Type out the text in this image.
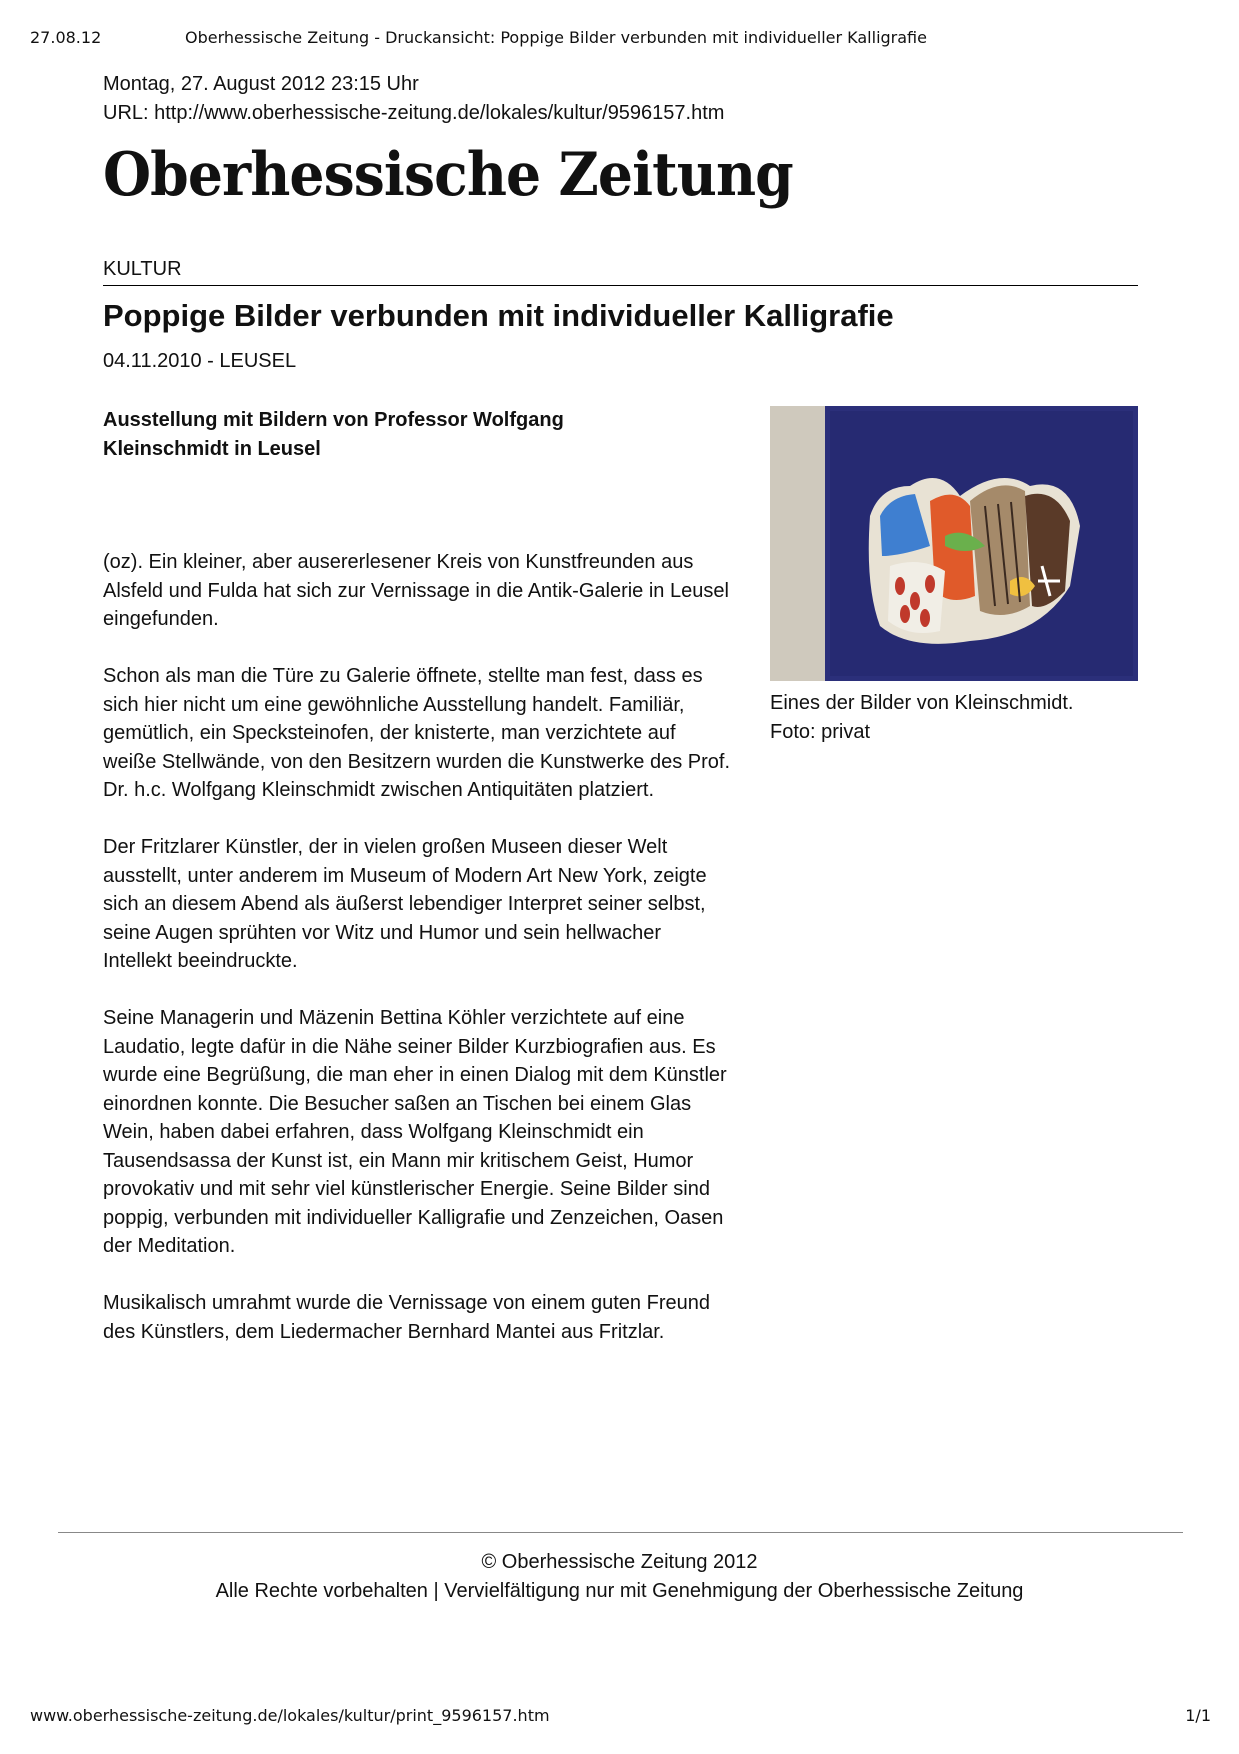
27.08.12	Oberhessische Zeitung - Druckansicht: Poppige Bilder verbunden mit individueller Kalligrafie
Montag, 27. August 2012 23:15 Uhr
URL: http://www.oberhessische-zeitung.de/lokales/kultur/9596157.htm
Oberhessische Zeitung
KULTUR
Poppige Bilder verbunden mit individueller Kalligrafie
04.11.2010 - LEUSEL
Ausstellung mit Bildern von Professor Wolfgang Kleinschmidt in Leusel

(oz). Ein kleiner, aber ausererlesener Kreis von Kunstfreunden aus Alsfeld und Fulda hat sich zur Vernissage in die Antik-Galerie in Leusel eingefunden.

Schon als man die Türe zu Galerie öffnete, stellte man fest, dass es sich hier nicht um eine gewöhnliche Ausstellung handelt. Familiär, gemütlich, ein Specksteinofen, der knisterte, man verzichtete auf weiße Stellwände, von den Besitzern wurden die Kunstwerke des Prof. Dr. h.c. Wolfgang Kleinschmidt zwischen Antiquitäten platziert.

Der Fritzlarer Künstler, der in vielen großen Museen dieser Welt ausstellt, unter anderem im Museum of Modern Art New York, zeigte sich an diesem Abend als äußerst lebendiger Interpret seiner selbst, seine Augen sprühten vor Witz und Humor und sein hellwacher Intellekt beeindruckte.

Seine Managerin und Mäzenin Bettina Köhler verzichtete auf eine Laudatio, legte dafür in die Nähe seiner Bilder Kurzbiografien aus. Es wurde eine Begrüßung, die man eher in einen Dialog mit dem Künstler einordnen konnte. Die Besucher saßen an Tischen bei einem Glas Wein, haben dabei erfahren, dass Wolfgang Kleinschmidt ein Tausendsassa der Kunst ist, ein Mann mir kritischem Geist, Humor provokativ und mit sehr viel künstlerischer Energie. Seine Bilder sind poppig, verbunden mit individueller Kalligrafie und Zenzeichen, Oasen der Meditation.

Musikalisch umrahmt wurde die Vernissage von einem guten Freund des Künstlers, dem Liedermacher Bernhard Mantei aus Fritzlar.

Eines der Bilder von Kleinschmidt.
Foto: privat
© Oberhessische Zeitung 2012
Alle Rechte vorbehalten | Vervielfältigung nur mit Genehmigung der Oberhessische Zeitung
www.oberhessische-zeitung.de/lokales/kultur/print_9596157.htm	1/1
